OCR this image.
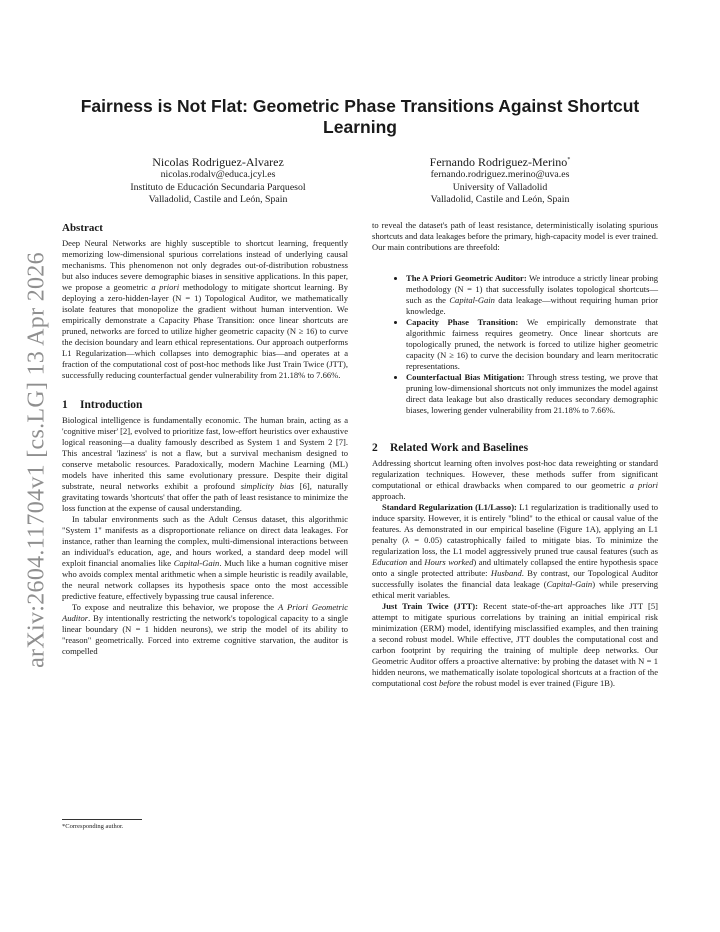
arXiv:2604.11704v1 [cs.LG] 13 Apr 2026
Fairness is Not Flat: Geometric Phase Transitions Against Shortcut Learning
Nicolas Rodriguez-Alvarez
nicolas.rodalv@educa.jcyl.es
Instituto de Educación Secundaria Parquesol
Valladolid, Castile and León, Spain
Fernando Rodriguez-Merino*
fernando.rodriguez.merino@uva.es
University of Valladolid
Valladolid, Castile and León, Spain
Abstract

Deep Neural Networks are highly susceptible to shortcut learning, frequently memorizing low-dimensional spurious correlations instead of underlying causal mechanisms. This phenomenon not only degrades out-of-distribution robustness but also induces severe demographic biases in sensitive applications. In this paper, we propose a geometric a priori methodology to mitigate shortcut learning. By deploying a zero-hidden-layer (N = 1) Topological Auditor, we mathematically isolate features that monopolize the gradient without human intervention. We empirically demonstrate a Capacity Phase Transition: once linear shortcuts are pruned, networks are forced to utilize higher geometric capacity (N ≥ 16) to curve the decision boundary and learn ethical representations. Our approach outperforms L1 Regularization—which collapses into demographic bias—and operates at a fraction of the computational cost of post-hoc methods like Just Train Twice (JTT), successfully reducing counterfactual gender vulnerability from 21.18% to 7.66%.

1 Introduction

Biological intelligence is fundamentally economic. The human brain, acting as a 'cognitive miser' [2], evolved to prioritize fast, low-effort heuristics over exhaustive logical reasoning—a duality famously described as System 1 and System 2 [7]. This ancestral 'laziness' is not a flaw, but a survival mechanism designed to conserve metabolic resources. Paradoxically, modern Machine Learning (ML) models have inherited this same evolutionary pressure. Despite their digital substrate, neural networks exhibit a profound simplicity bias [6], naturally gravitating towards 'shortcuts' that offer the path of least resistance to minimize the loss function at the expense of causal understanding.

In tabular environments such as the Adult Census dataset, this algorithmic "System 1" manifests as a disproportionate reliance on direct data leakages. For instance, rather than learning the complex, multi-dimensional interactions between an individual's education, age, and hours worked, a standard deep model will exploit financial anomalies like Capital-Gain. Much like a human cognitive miser who avoids complex mental arithmetic when a simple heuristic is readily available, the neural network collapses its hypothesis space onto the most accessible predictive feature, effectively bypassing true causal inference.

To expose and neutralize this behavior, we propose the A Priori Geometric Auditor. By intentionally restricting the network's topological capacity to a single linear boundary (N = 1 hidden neurons), we strip the model of its ability to "reason" geometrically. Forced into extreme cognitive starvation, the auditor is compelled

to reveal the dataset's path of least resistance, deterministically isolating spurious shortcuts and data leakages before the primary, high-capacity model is ever trained. Our main contributions are threefold:

• The A Priori Geometric Auditor: We introduce a strictly linear probing methodology (N = 1) that successfully isolates topological shortcuts—such as the Capital-Gain data leakage—without requiring human prior knowledge.
• Capacity Phase Transition: We empirically demonstrate that algorithmic fairness requires geometry. Once linear shortcuts are topologically pruned, the network is forced to utilize higher geometric capacity (N ≥ 16) to curve the decision boundary and learn meritocratic representations.
• Counterfactual Bias Mitigation: Through stress testing, we prove that pruning low-dimensional shortcuts not only immunizes the model against direct data leakage but also drastically reduces secondary demographic biases, lowering gender vulnerability from 21.18% to 7.66%.
2 Related Work and Baselines

Addressing shortcut learning often involves post-hoc data reweighting or standard regularization techniques. However, these methods suffer from significant computational or ethical drawbacks when compared to our geometric a priori approach.

Standard Regularization (L1/Lasso): L1 regularization is traditionally used to induce sparsity. However, it is entirely "blind" to the ethical or causal value of the features. As demonstrated in our empirical baseline (Figure 1A), applying an L1 penalty (λ = 0.05) catastrophically failed to mitigate bias. To minimize the regularization loss, the L1 model aggressively pruned true causal features (such as Education and Hours worked) and ultimately collapsed the entire hypothesis space onto a single protected attribute: Husband. By contrast, our Topological Auditor successfully isolates the financial data leakage (Capital-Gain) while preserving ethical merit variables.

Just Train Twice (JTT): Recent state-of-the-art approaches like JTT [5] attempt to mitigate spurious correlations by training an initial empirical risk minimization (ERM) model, identifying misclassified examples, and then training a second robust model. While effective, JTT doubles the computational cost and carbon footprint by requiring the training of multiple deep networks. Our Geometric Auditor offers a proactive alternative: by probing the dataset with N = 1 hidden neurons, we mathematically isolate topological shortcuts at a fraction of the computational cost before the robust model is ever trained (Figure 1B).

*Corresponding author.
